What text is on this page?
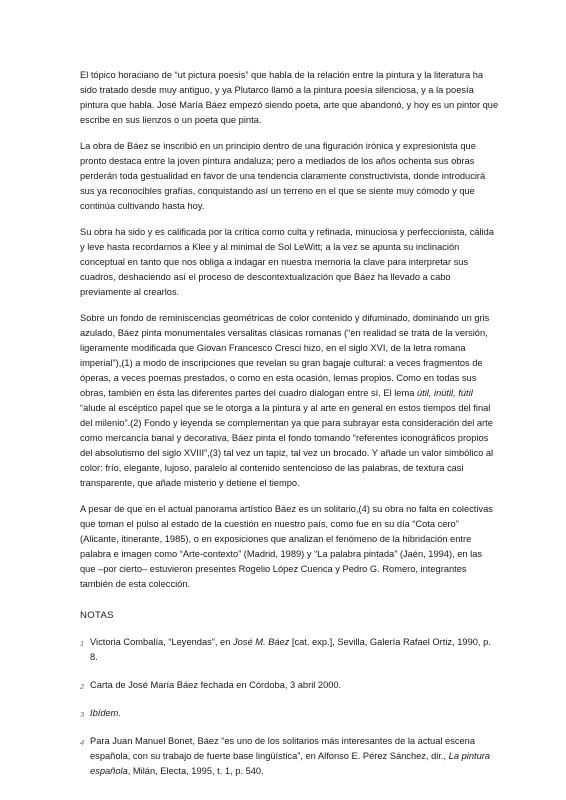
El tópico horaciano de “ut pictura poesis” que habla de la relación entre la pintura y la literatura ha sido tratado desde muy antiguo, y ya Plutarco llamó a la pintura poesía silenciosa, y a la poesía pintura que habla. José María Báez empezó siendo poeta, arte que abandonó, y hoy es un pintor que escribe en sus lienzos o un poeta que pinta.

La obra de Báez se inscribió en un principio dentro de una figuración irónica y expresionista que pronto destaca entre la joven pintura andaluza; pero a mediados de los años ochenta sus obras perderán toda gestualidad en favor de una tendencia claramente constructivista, donde introducirá sus ya reconocibles grafías, conquistando así un terreno en el que se siente muy cómodo y que continúa cultivando hasta hoy.

Su obra ha sido y es calificada por la crítica como culta y refinada, minuciosa y perfeccionista, cálida y leve hasta recordarnos a Klee y al minimal de Sol LeWitt; a la vez se apunta su inclinación conceptual en tanto que nos obliga a indagar en nuestra memoria la clave para interpretar sus cuadros, deshaciendo así el proceso de descontextualización que Báez ha llevado a cabo previamente al crearlos.

Sobre un fondo de reminiscencias geométricas de color contenido y difuminado, dominando un gris azulado, Báez pinta monumentales versalitas clásicas romanas (“en realidad se trata de la versión, ligeramente modificada que Giovan Francesco Cresci hizo, en el siglo XVI, de la letra romana imperial”),(1) a modo de inscripciones que revelan su gran bagaje cultural: a veces fragmentos de óperas, a veces poemas prestados, o como en esta ocasión, lemas propios. Como en todas sus obras, también en ésta las diferentes partes del cuadro dialogan entre sí. El lema útil, inútil, fútil “alude al escéptico papel que se le otorga a la pintura y al arte en general en estos tiempos del final del milenio”.(2) Fondo y leyenda se complementan ya que para subrayar esta consideración del arte como mercancía banal y decorativa, Báez pinta el fondo tomando “referentes iconográficos propios del absolutismo del siglo XVIII”,(3) tal vez un tapiz, tal vez un brocado. Y añade un valor simbólico al color: frío, elegante, lujoso, paralelo al contenido sentencioso de las palabras, de textura casi transparente, que añade misterio y detiene el tiempo.

A pesar de que en el actual panorama artístico Báez es un solitario,(4) su obra no falta en colectivas que toman el pulso al estado de la cuestión en nuestro país, como fue en su día “Cota cero” (Alicante, itinerante, 1985), o en exposiciones que analizan el fenómeno de la hibridación entre palabra e imagen como “Arte-contexto” (Madrid, 1989) y “La palabra pintada” (Jaén, 1994), en las que –por cierto– estuvieron presentes Rogelio López Cuenca y Pedro G. Romero, integrantes también de esta colección.

NOTAS
1 Victoria Combalía, “Leyendas”, en José M. Báez [cat. exp.], Sevilla, Galería Rafael Ortiz, 1990, p. 8.
2 Carta de José María Báez fechada en Córdoba, 3 abril 2000.
3 Ibídem.
4 Para Juan Manuel Bonet, Báez “es uno de los solitarios más interesantes de la actual escena española, con su trabajo de fuerte base lingüística”, en Alfonso E. Pérez Sánchez, dir., La pintura española, Milán, Electa, 1995, t. 1, p. 540.
